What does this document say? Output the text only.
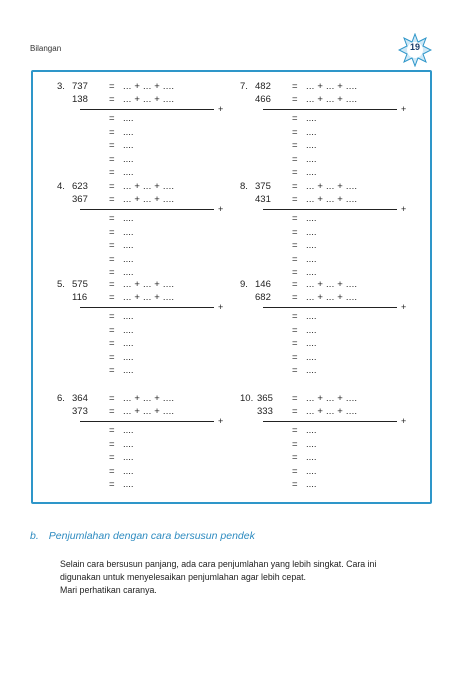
Bilangan	19
3. 737 = ... + ... + ....
138 = ... + ... + ....
+
= ....
= ....
= ....
= ....
= ....
7. 482 = ... + ... + ....
466 = ... + ... + ....
+
= ....
= ....
= ....
= ....
= ....
4. 623 = ... + ... + ....
367 = ... + ... + ....
+
= ....
= ....
= ....
= ....
= ....
8. 375 = ... + ... + ....
431 = ... + ... + ....
+
= ....
= ....
= ....
= ....
= ....
5. 575 = ... + ... + ....
116 = ... + ... + ....
+
= ....
= ....
= ....
= ....
= ....
9. 146 = ... + ... + ....
682 = ... + ... + ....
+
= ....
= ....
= ....
= ....
= ....
6. 364 = ... + ... + ....
373 = ... + ... + ....
+
= ....
= ....
= ....
= ....
= ....
10. 365 = ... + ... + ....
333 = ... + ... + ....
+
= ....
= ....
= ....
= ....
= ....
b. Penjumlahan dengan cara bersusun pendek
Selain cara bersusun panjang, ada cara penjumlahan yang lebih singkat. Cara ini
digunakan untuk menyelesaikan penjumlahan agar lebih cepat.
Mari perhatikan caranya.
